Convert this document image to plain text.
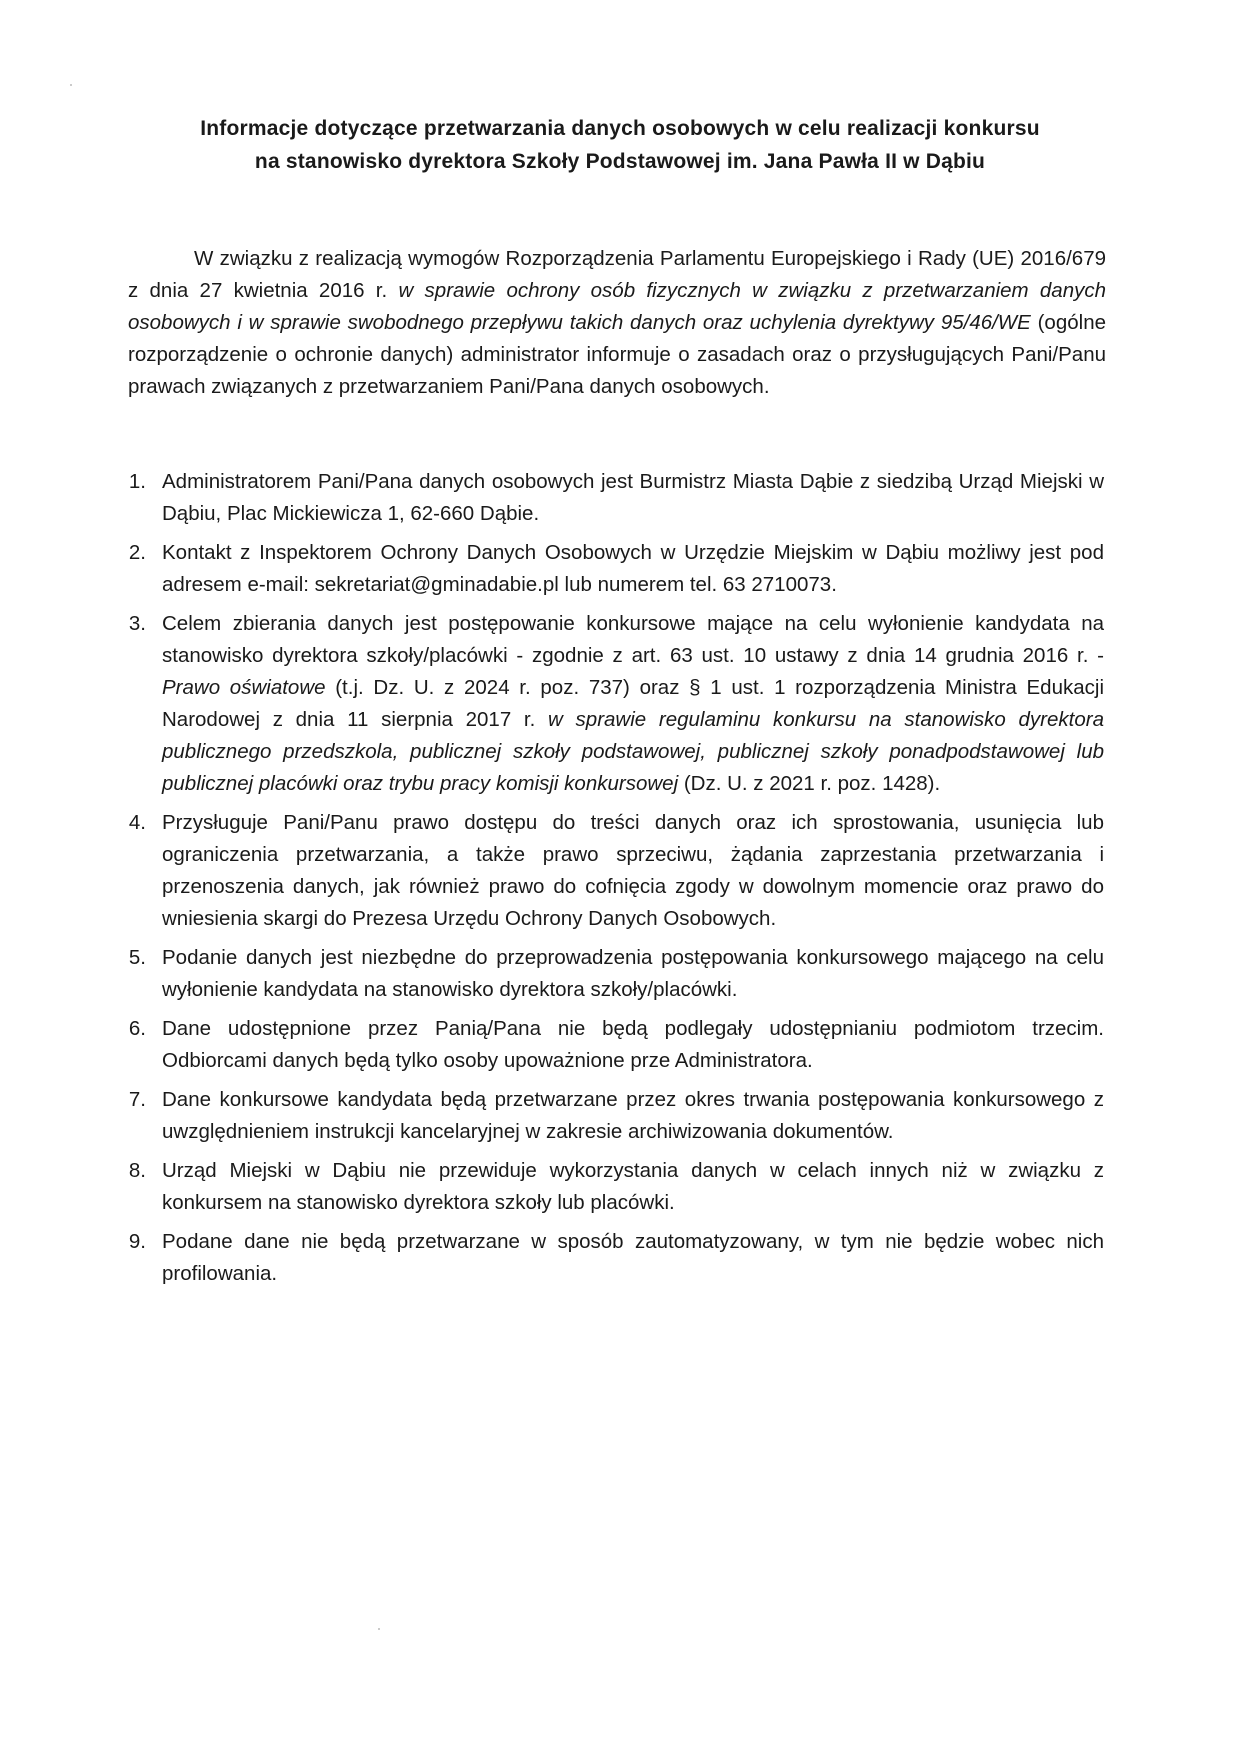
Informacje dotyczące przetwarzania danych osobowych w celu realizacji konkursu
na stanowisko dyrektora Szkoły Podstawowej im. Jana Pawła II w Dąbiu

W związku z realizacją wymogów Rozporządzenia Parlamentu Europejskiego i Rady (UE) 2016/679 z dnia 27 kwietnia 2016 r. w sprawie ochrony osób fizycznych w związku z przetwarzaniem danych osobowych i w sprawie swobodnego przepływu takich danych oraz uchylenia dyrektywy 95/46/WE (ogólne rozporządzenie o ochronie danych) administrator informuje o zasadach oraz o przysługujących Pani/Panu prawach związanych z przetwarzaniem Pani/Pana danych osobowych.

1. Administratorem Pani/Pana danych osobowych jest Burmistrz Miasta Dąbie z siedzibą Urząd Miejski w Dąbiu, Plac Mickiewicza 1, 62-660 Dąbie.
2. Kontakt z Inspektorem Ochrony Danych Osobowych w Urzędzie Miejskim w Dąbiu możliwy jest pod adresem e-mail: sekretariat@gminadabie.pl lub numerem tel. 63 2710073.
3. Celem zbierania danych jest postępowanie konkursowe mające na celu wyłonienie kandydata na stanowisko dyrektora szkoły/placówki - zgodnie z art. 63 ust. 10 ustawy z dnia 14 grudnia 2016 r. - Prawo oświatowe (t.j. Dz. U. z 2024 r. poz. 737) oraz § 1 ust. 1 rozporządzenia Ministra Edukacji Narodowej z dnia 11 sierpnia 2017 r. w sprawie regulaminu konkursu na stanowisko dyrektora publicznego przedszkola, publicznej szkoły podstawowej, publicznej szkoły ponadpodstawowej lub publicznej placówki oraz trybu pracy komisji konkursowej (Dz. U. z 2021 r. poz. 1428).
4. Przysługuje Pani/Panu prawo dostępu do treści danych oraz ich sprostowania, usunięcia lub ograniczenia przetwarzania, a także prawo sprzeciwu, żądania zaprzestania przetwarzania i przenoszenia danych, jak również prawo do cofnięcia zgody w dowolnym momencie oraz prawo do wniesienia skargi do Prezesa Urzędu Ochrony Danych Osobowych.
5. Podanie danych jest niezbędne do przeprowadzenia postępowania konkursowego mającego na celu wyłonienie kandydata na stanowisko dyrektora szkoły/placówki.
6. Dane udostępnione przez Panią/Pana nie będą podlegały udostępnianiu podmiotom trzecim. Odbiorcami danych będą tylko osoby upoważnione prze Administratora.
7. Dane konkursowe kandydata będą przetwarzane przez okres trwania postępowania konkursowego z uwzględnieniem instrukcji kancelaryjnej w zakresie archiwizowania dokumentów.
8. Urząd Miejski w Dąbiu nie przewiduje wykorzystania danych w celach innych niż w związku z konkursem na stanowisko dyrektora szkoły lub placówki.
9. Podane dane nie będą przetwarzane w sposób zautomatyzowany, w tym nie będzie wobec nich profilowania.
